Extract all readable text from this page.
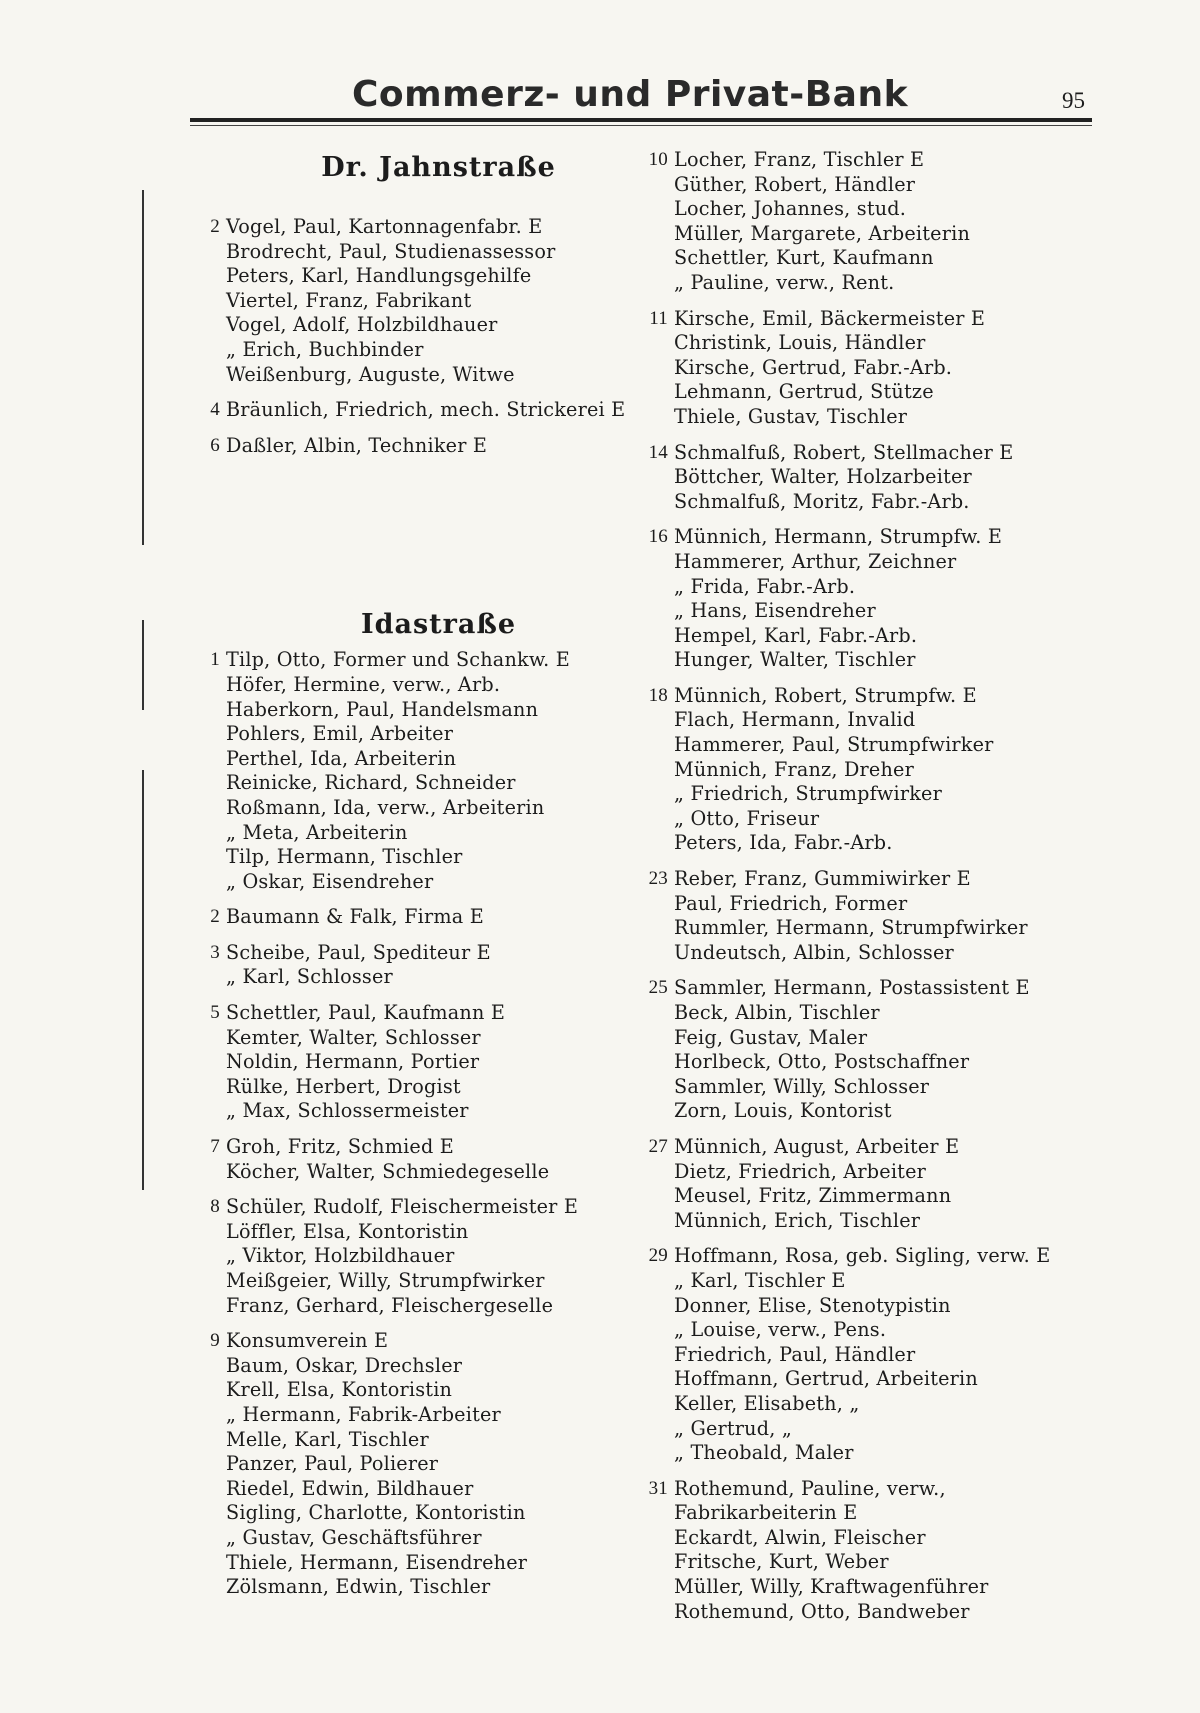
Commerz- und Privat-Bank	95
Dr. Jahnstraße
2 Vogel, Paul, Kartonnagenfabr. E
Brodrecht, Paul, Studienassessor
Peters, Karl, Handlungsgehilfe
Viertel, Franz, Fabrikant
Vogel, Adolf, Holzbildhauer
„ Erich, Buchbinder
Weißenburg, Auguste, Witwe
4 Bräunlich, Friedrich, mech. Strickerei E
6 Daßler, Albin, Techniker E
Idastraße
1 Tilp, Otto, Former und Schankw. E
Höfer, Hermine, verw., Arb.
Haberkorn, Paul, Handelsmann
Pohlers, Emil, Arbeiter
Perthel, Ida, Arbeiterin
Reinicke, Richard, Schneider
Roßmann, Ida, verw., Arbeiterin
„ Meta, Arbeiterin
Tilp, Hermann, Tischler
„ Oskar, Eisendreher
2 Baumann & Falk, Firma E
3 Scheibe, Paul, Spediteur E
„ Karl, Schlosser
5 Schettler, Paul, Kaufmann E
Kemter, Walter, Schlosser
Noldin, Hermann, Portier
Rülke, Herbert, Drogist
„ Max, Schlossermeister
7 Groh, Fritz, Schmied E
Köcher, Walter, Schmiedegeselle
8 Schüler, Rudolf, Fleischermeister E
Löffler, Elsa, Kontoristin
„ Viktor, Holzbildhauer
Meißgeier, Willy, Strumpfwirker
Franz, Gerhard, Fleischergeselle
9 Konsumverein E
Baum, Oskar, Drechsler
Krell, Elsa, Kontoristin
„ Hermann, Fabrik-Arbeiter
Melle, Karl, Tischler
Panzer, Paul, Polierer
Riedel, Edwin, Bildhauer
Sigling, Charlotte, Kontoristin
„ Gustav, Geschäftsführer
Thiele, Hermann, Eisendreher
Zölsmann, Edwin, Tischler
10 Locher, Franz, Tischler E
Güther, Robert, Händler
Locher, Johannes, stud.
Müller, Margarete, Arbeiterin
Schettler, Kurt, Kaufmann
„ Pauline, verw., Rent.
11 Kirsche, Emil, Bäckermeister E
Christink, Louis, Händler
Kirsche, Gertrud, Fabr.-Arb.
Lehmann, Gertrud, Stütze
Thiele, Gustav, Tischler
14 Schmalfuß, Robert, Stellmacher E
Böttcher, Walter, Holzarbeiter
Schmalfuß, Moritz, Fabr.-Arb.
16 Münnich, Hermann, Strumpfw. E
Hammerer, Arthur, Zeichner
„ Frida, Fabr.-Arb.
„ Hans, Eisendreher
Hempel, Karl, Fabr.-Arb.
Hunger, Walter, Tischler
18 Münnich, Robert, Strumpfw. E
Flach, Hermann, Invalid
Hammerer, Paul, Strumpfwirker
Münnich, Franz, Dreher
„ Friedrich, Strumpfwirker
„ Otto, Friseur
Peters, Ida, Fabr.-Arb.
23 Reber, Franz, Gummiwirker E
Paul, Friedrich, Former
Rummler, Hermann, Strumpfwirker
Undeutsch, Albin, Schlosser
25 Sammler, Hermann, Postassistent E
Beck, Albin, Tischler
Feig, Gustav, Maler
Horlbeck, Otto, Postschaffner
Sammler, Willy, Schlosser
Zorn, Louis, Kontorist
27 Münnich, August, Arbeiter E
Dietz, Friedrich, Arbeiter
Meusel, Fritz, Zimmermann
Münnich, Erich, Tischler
29 Hoffmann, Rosa, geb. Sigling, verw. E
„ Karl, Tischler E
Donner, Elise, Stenotypistin
„ Louise, verw., Pens.
Friedrich, Paul, Händler
Hoffmann, Gertrud, Arbeiterin
Keller, Elisabeth, „
„ Gertrud, „
„ Theobald, Maler
31 Rothemund, Pauline, verw.,
Fabrikarbeiterin E
Eckardt, Alwin, Fleischer
Fritsche, Kurt, Weber
Müller, Willy, Kraftwagenführer
Rothemund, Otto, Bandweber
